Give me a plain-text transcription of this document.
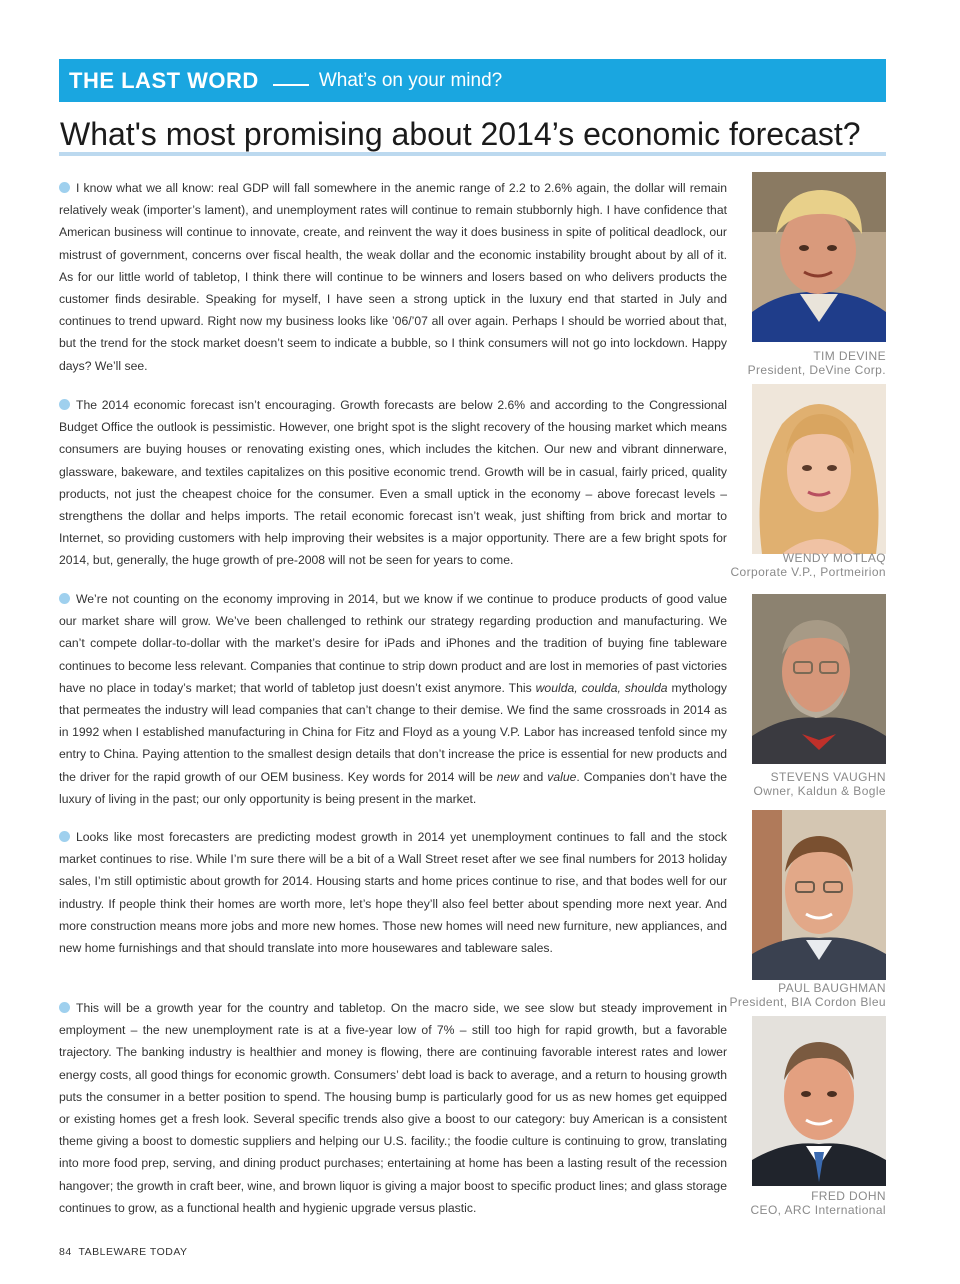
THE LAST WORD	What’s on your mind?
What's most promising about 2014’s economic forecast?
I know what we all know: real GDP will fall somewhere in the anemic range of 2.2 to 2.6% again, the dollar will remain relatively weak (importer’s lament), and unemployment rates will continue to remain stubbornly high. I have confidence that American business will continue to innovate, create, and reinvent the way it does business in spite of political deadlock, our mistrust of government, concerns over fiscal health, the weak dollar and the economic instability brought about by all of it. As for our little world of tabletop, I think there will continue to be winners and losers based on who delivers products the customer finds desirable. Speaking for myself, I have seen a strong uptick in the luxury end that started in July and continues to trend upward. Right now my business looks like ’06/’07 all over again. Perhaps I should be worried about that, but the trend for the stock market doesn’t seem to indicate a bubble, so I think consumers will not go into lockdown. Happy days? We’ll see.
TIM DEVINE
President, DeVine Corp.
The 2014 economic forecast isn’t encouraging. Growth forecasts are below 2.6% and according to the Congressional Budget Office the outlook is pessimistic. However, one bright spot is the slight recovery of the housing market which means consumers are buying houses or renovating existing ones, which includes the kitchen. Our new and vibrant dinnerware, glassware, bakeware, and textiles capitalizes on this positive economic trend. Growth will be in casual, fairly priced, quality products, not just the cheapest choice for the consumer. Even a small uptick in the economy – above forecast levels – strengthens the dollar and helps imports. The retail economic forecast isn’t weak, just shifting from brick and mortar to Internet, so providing customers with help improving their websites is a major opportunity. There are a few bright spots for 2014, but, generally, the huge growth of pre-2008 will not be seen for years to come.	WENDY MOTLAQ
Corporate V.P., Portmeirion
We’re not counting on the economy improving in 2014, but we know if we continue to produce products of good value our market share will grow. We’ve been challenged to rethink our strategy regarding production and manufacturing. We can’t compete dollar-to-dollar with the market’s desire for iPads and iPhones and the tradition of buying fine tableware continues to become less relevant. Companies that continue to strip down product and are lost in memories of past victories have no place in today’s market; that world of tabletop just doesn’t exist anymore. This woulda, coulda, shoulda mythology that permeates the industry will lead companies that can’t change to their demise. We find the same crossroads in 2014 as in 1992 when I established manufacturing in China for Fitz and Floyd as a young V.P. Labor has increased tenfold since my entry to China. Paying attention to the smallest design details that don’t increase the price is essential for new products and the driver for the rapid growth of our OEM business. Key words for 2014 will be new and value. Companies don’t have the luxury of living in the past; our only opportunity is being present in the market.
STEVENS VAUGHN
Owner, Kaldun & Bogle
Looks like most forecasters are predicting modest growth in 2014 yet unemployment continues to fall and the stock market continues to rise. While I’m sure there will be a bit of a Wall Street reset after we see final numbers for 2013 holiday sales, I’m still optimistic about growth for 2014. Housing starts and home prices continue to rise, and that bodes well for our industry. If people think their homes are worth more, let’s hope they’ll also feel better about spending more next year. And more construction means more jobs and more new homes. Those new homes will need new furniture, new appliances, and new home furnishings and that should translate into more housewares and tableware sales.
PAUL BAUGHMAN
President, BIA Cordon Bleu
This will be a growth year for the country and tabletop. On the macro side, we see slow but steady improvement in employment – the new unemployment rate is at a five-year low of 7% – still too high for rapid growth, but a favorable trajectory. The banking industry is healthier and money is flowing, there are continuing favorable interest rates and lower energy costs, all good things for economic growth. Consumers’ debt load is back to average, and a return to housing growth puts the consumer in a better position to spend. The housing bump is particularly good for us as new homes get equipped or existing homes get a fresh look. Several specific trends also give a boost to our category: buy American is a consistent theme giving a boost to domestic suppliers and helping our U.S. facility.; the foodie culture is continuing to grow, translating into more food prep, serving, and dining product purchases; entertaining at home has been a lasting result of the recession hangover; the growth in craft beer, wine, and brown liquor is giving a major boost to specific product lines; and glass storage continues to grow, as a functional health and hygienic upgrade versus plastic.
FRED DOHN
CEO, ARC International
84 TABLEWARE TODAY
